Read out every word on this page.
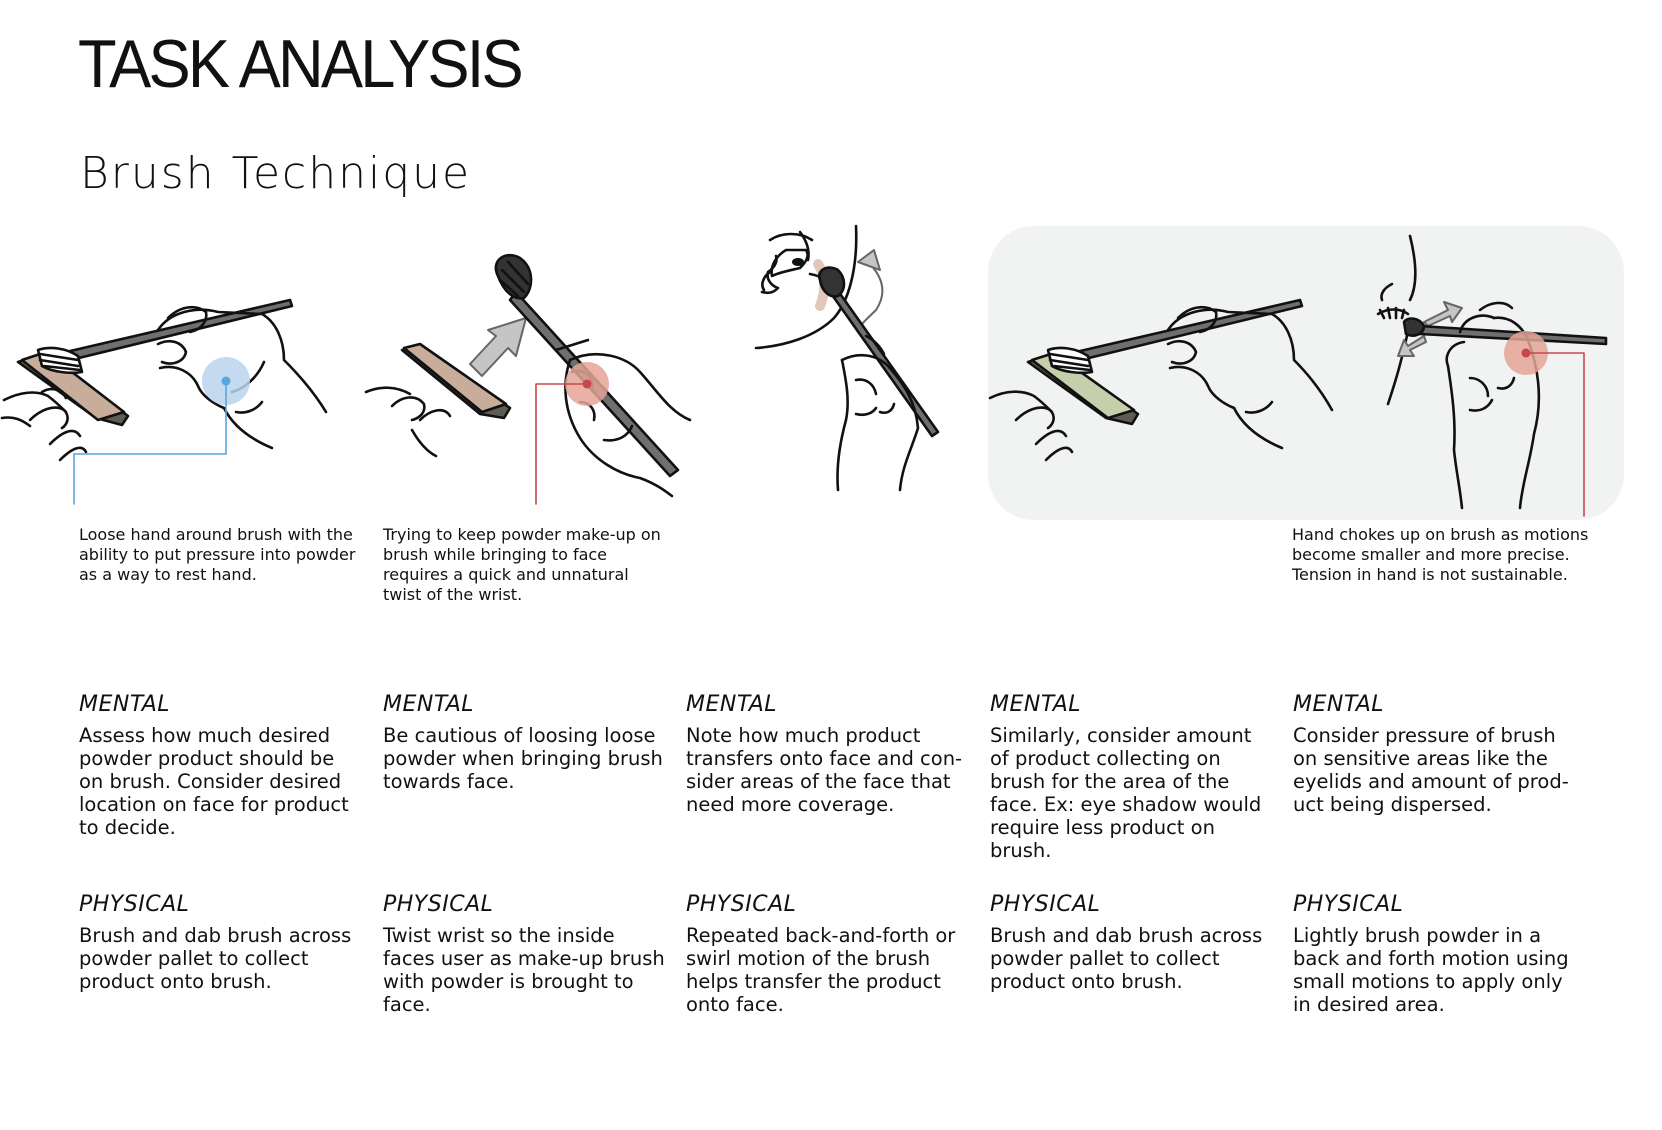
TASK ANALYSIS
Brush Technique
Loose hand around brush with the ability to put pressure into powder as a way to rest hand.
Trying to keep powder make-up on brush while bringing to face requires a quick and unnatural twist of the wrist.
Hand chokes up on brush as motions become smaller and more precise. Tension in hand is not sustainable.

MENTAL

Assess how much desired powder product should be on brush. Consider desired location on face for product to decide.

PHYSICAL

Brush and dab brush across powder pallet to collect product onto brush.

MENTAL

Be cautious of loosing loose powder when bringing brush towards face.

PHYSICAL

Twist wrist so the inside faces user as make-up brush with powder is brought to face.

MENTAL

Note how much product transfers onto face and con-sider areas of the face that need more coverage.

PHYSICAL

Repeated back-and-forth or swirl motion of the brush helps transfer the product onto face.

MENTAL

Similarly, consider amount of product collecting on brush for the area of the face. Ex: eye shadow would require less product on brush.

PHYSICAL

Brush and dab brush across powder pallet to collect product onto brush.

MENTAL

Consider pressure of brush on sensitive areas like the eyelids and amount of prod-uct being dispersed.

PHYSICAL

Lightly brush powder in a back and forth motion using small motions to apply only in desired area.
